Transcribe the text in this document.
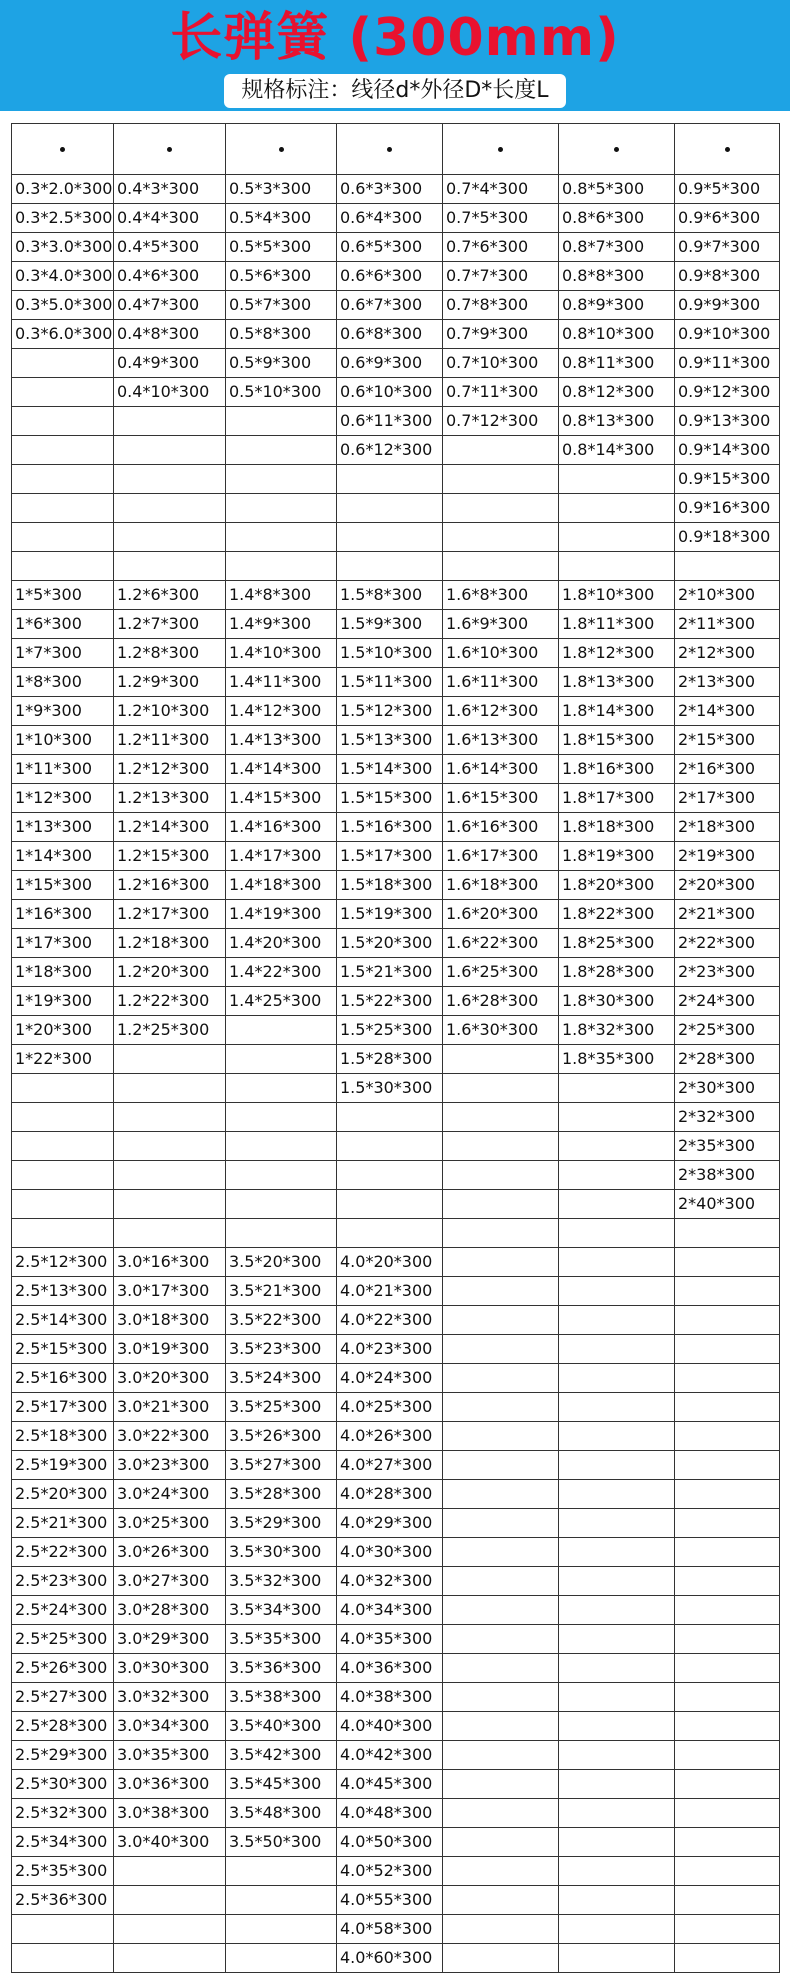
长弹簧 (300mm)
规格标注：线径d*外径D*长度L

0.3*2.0*300	0.4*3*300	0.5*3*300	0.6*3*300	0.7*4*300	0.8*5*300	0.9*5*300
0.3*2.5*300	0.4*4*300	0.5*4*300	0.6*4*300	0.7*5*300	0.8*6*300	0.9*6*300
0.3*3.0*300	0.4*5*300	0.5*5*300	0.6*5*300	0.7*6*300	0.8*7*300	0.9*7*300
0.3*4.0*300	0.4*6*300	0.5*6*300	0.6*6*300	0.7*7*300	0.8*8*300	0.9*8*300
0.3*5.0*300	0.4*7*300	0.5*7*300	0.6*7*300	0.7*8*300	0.8*9*300	0.9*9*300
0.3*6.0*300	0.4*8*300	0.5*8*300	0.6*8*300	0.7*9*300	0.8*10*300	0.9*10*300
	0.4*9*300	0.5*9*300	0.6*9*300	0.7*10*300	0.8*11*300	0.9*11*300
	0.4*10*300	0.5*10*300	0.6*10*300	0.7*11*300	0.8*12*300	0.9*12*300
			0.6*11*300	0.7*12*300	0.8*13*300	0.9*13*300
			0.6*12*300		0.8*14*300	0.9*14*300
						0.9*15*300
						0.9*16*300
						0.9*18*300

1*5*300	1.2*6*300	1.4*8*300	1.5*8*300	1.6*8*300	1.8*10*300	2*10*300
1*6*300	1.2*7*300	1.4*9*300	1.5*9*300	1.6*9*300	1.8*11*300	2*11*300
1*7*300	1.2*8*300	1.4*10*300	1.5*10*300	1.6*10*300	1.8*12*300	2*12*300
1*8*300	1.2*9*300	1.4*11*300	1.5*11*300	1.6*11*300	1.8*13*300	2*13*300
1*9*300	1.2*10*300	1.4*12*300	1.5*12*300	1.6*12*300	1.8*14*300	2*14*300
1*10*300	1.2*11*300	1.4*13*300	1.5*13*300	1.6*13*300	1.8*15*300	2*15*300
1*11*300	1.2*12*300	1.4*14*300	1.5*14*300	1.6*14*300	1.8*16*300	2*16*300
1*12*300	1.2*13*300	1.4*15*300	1.5*15*300	1.6*15*300	1.8*17*300	2*17*300
1*13*300	1.2*14*300	1.4*16*300	1.5*16*300	1.6*16*300	1.8*18*300	2*18*300
1*14*300	1.2*15*300	1.4*17*300	1.5*17*300	1.6*17*300	1.8*19*300	2*19*300
1*15*300	1.2*16*300	1.4*18*300	1.5*18*300	1.6*18*300	1.8*20*300	2*20*300
1*16*300	1.2*17*300	1.4*19*300	1.5*19*300	1.6*20*300	1.8*22*300	2*21*300
1*17*300	1.2*18*300	1.4*20*300	1.5*20*300	1.6*22*300	1.8*25*300	2*22*300
1*18*300	1.2*20*300	1.4*22*300	1.5*21*300	1.6*25*300	1.8*28*300	2*23*300
1*19*300	1.2*22*300	1.4*25*300	1.5*22*300	1.6*28*300	1.8*30*300	2*24*300
1*20*300	1.2*25*300		1.5*25*300	1.6*30*300	1.8*32*300	2*25*300
1*22*300			1.5*28*300		1.8*35*300	2*28*300
			1.5*30*300			2*30*300
						2*32*300
						2*35*300
						2*38*300
						2*40*300

2.5*12*300	3.0*16*300	3.5*20*300	4.0*20*300			
2.5*13*300	3.0*17*300	3.5*21*300	4.0*21*300			
2.5*14*300	3.0*18*300	3.5*22*300	4.0*22*300			
2.5*15*300	3.0*19*300	3.5*23*300	4.0*23*300			
2.5*16*300	3.0*20*300	3.5*24*300	4.0*24*300			
2.5*17*300	3.0*21*300	3.5*25*300	4.0*25*300			
2.5*18*300	3.0*22*300	3.5*26*300	4.0*26*300			
2.5*19*300	3.0*23*300	3.5*27*300	4.0*27*300			
2.5*20*300	3.0*24*300	3.5*28*300	4.0*28*300			
2.5*21*300	3.0*25*300	3.5*29*300	4.0*29*300			
2.5*22*300	3.0*26*300	3.5*30*300	4.0*30*300			
2.5*23*300	3.0*27*300	3.5*32*300	4.0*32*300			
2.5*24*300	3.0*28*300	3.5*34*300	4.0*34*300			
2.5*25*300	3.0*29*300	3.5*35*300	4.0*35*300			
2.5*26*300	3.0*30*300	3.5*36*300	4.0*36*300			
2.5*27*300	3.0*32*300	3.5*38*300	4.0*38*300			
2.5*28*300	3.0*34*300	3.5*40*300	4.0*40*300			
2.5*29*300	3.0*35*300	3.5*42*300	4.0*42*300			
2.5*30*300	3.0*36*300	3.5*45*300	4.0*45*300			
2.5*32*300	3.0*38*300	3.5*48*300	4.0*48*300			
2.5*34*300	3.0*40*300	3.5*50*300	4.0*50*300			
2.5*35*300			4.0*52*300			
2.5*36*300			4.0*55*300			
			4.0*58*300			
			4.0*60*300			
